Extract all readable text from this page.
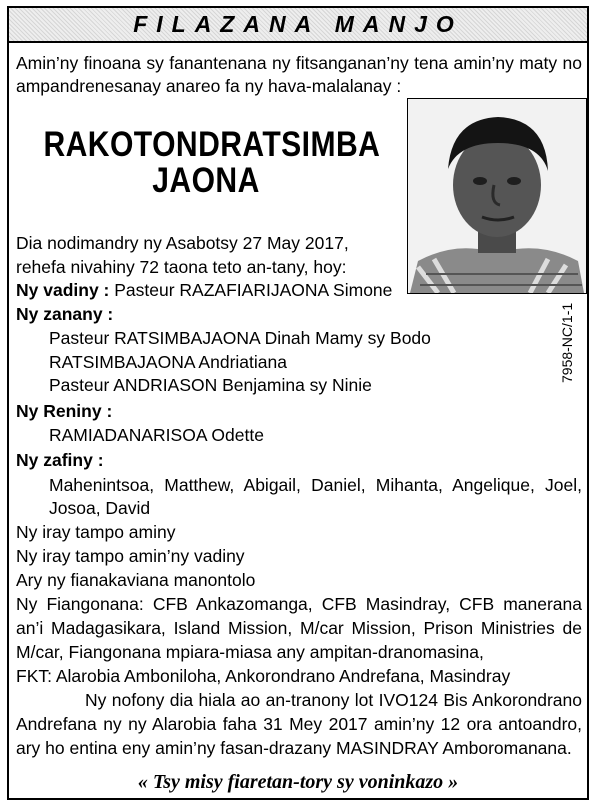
FILAZANA MANJO
Amin’ny finoana sy fanantenana ny fitsanganan’ny tena amin’ny maty no
ampandrenesanay anareo fa ny hava-malalanay :
RAKOTONDRATSIMBA
JAONA
Dia nodimandry ny Asabotsy 27 May 2017,
rehefa nivahiny 72 taona teto an-tany, hoy:
Ny vadiny : Pasteur RAZAFIARIJAONA Simone
Ny zanany :
Pasteur RATSIMBAJAONA Dinah Mamy sy Bodo
RATSIMBAJAONA Andriatiana
Pasteur ANDRIASON Benjamina sy Ninie
7958-NC/1-1
Ny Reniny :
RAMIADANARISOA Odette
Ny zafiny :
Mahenintsoa, Matthew, Abigail, Daniel, Mihanta, Angelique, Joel,
Josoa, David
Ny iray tampo aminy
Ny iray tampo amin’ny vadiny
Ary ny fianakaviana manontolo
Ny Fiangonana: CFB Ankazomanga, CFB Masindray, CFB manerana
an’i Madagasikara, Island Mission, M/car Mission, Prison Ministries de
M/car, Fiangonana mpiara-miasa any ampitan-dranomasina,
FKT: Alarobia Amboniloha, Ankorondrano Andrefana, Masindray
Ny nofony dia hiala ao an-tranony lot IVO124 Bis Ankorondrano
Andrefana ny ny Alarobia faha 31 Mey 2017 amin’ny 12 ora antoandro,
ary ho entina eny amin’ny fasan-drazany MASINDRAY Amboromanana.
« Tsy misy fiaretan-tory sy voninkazo »
